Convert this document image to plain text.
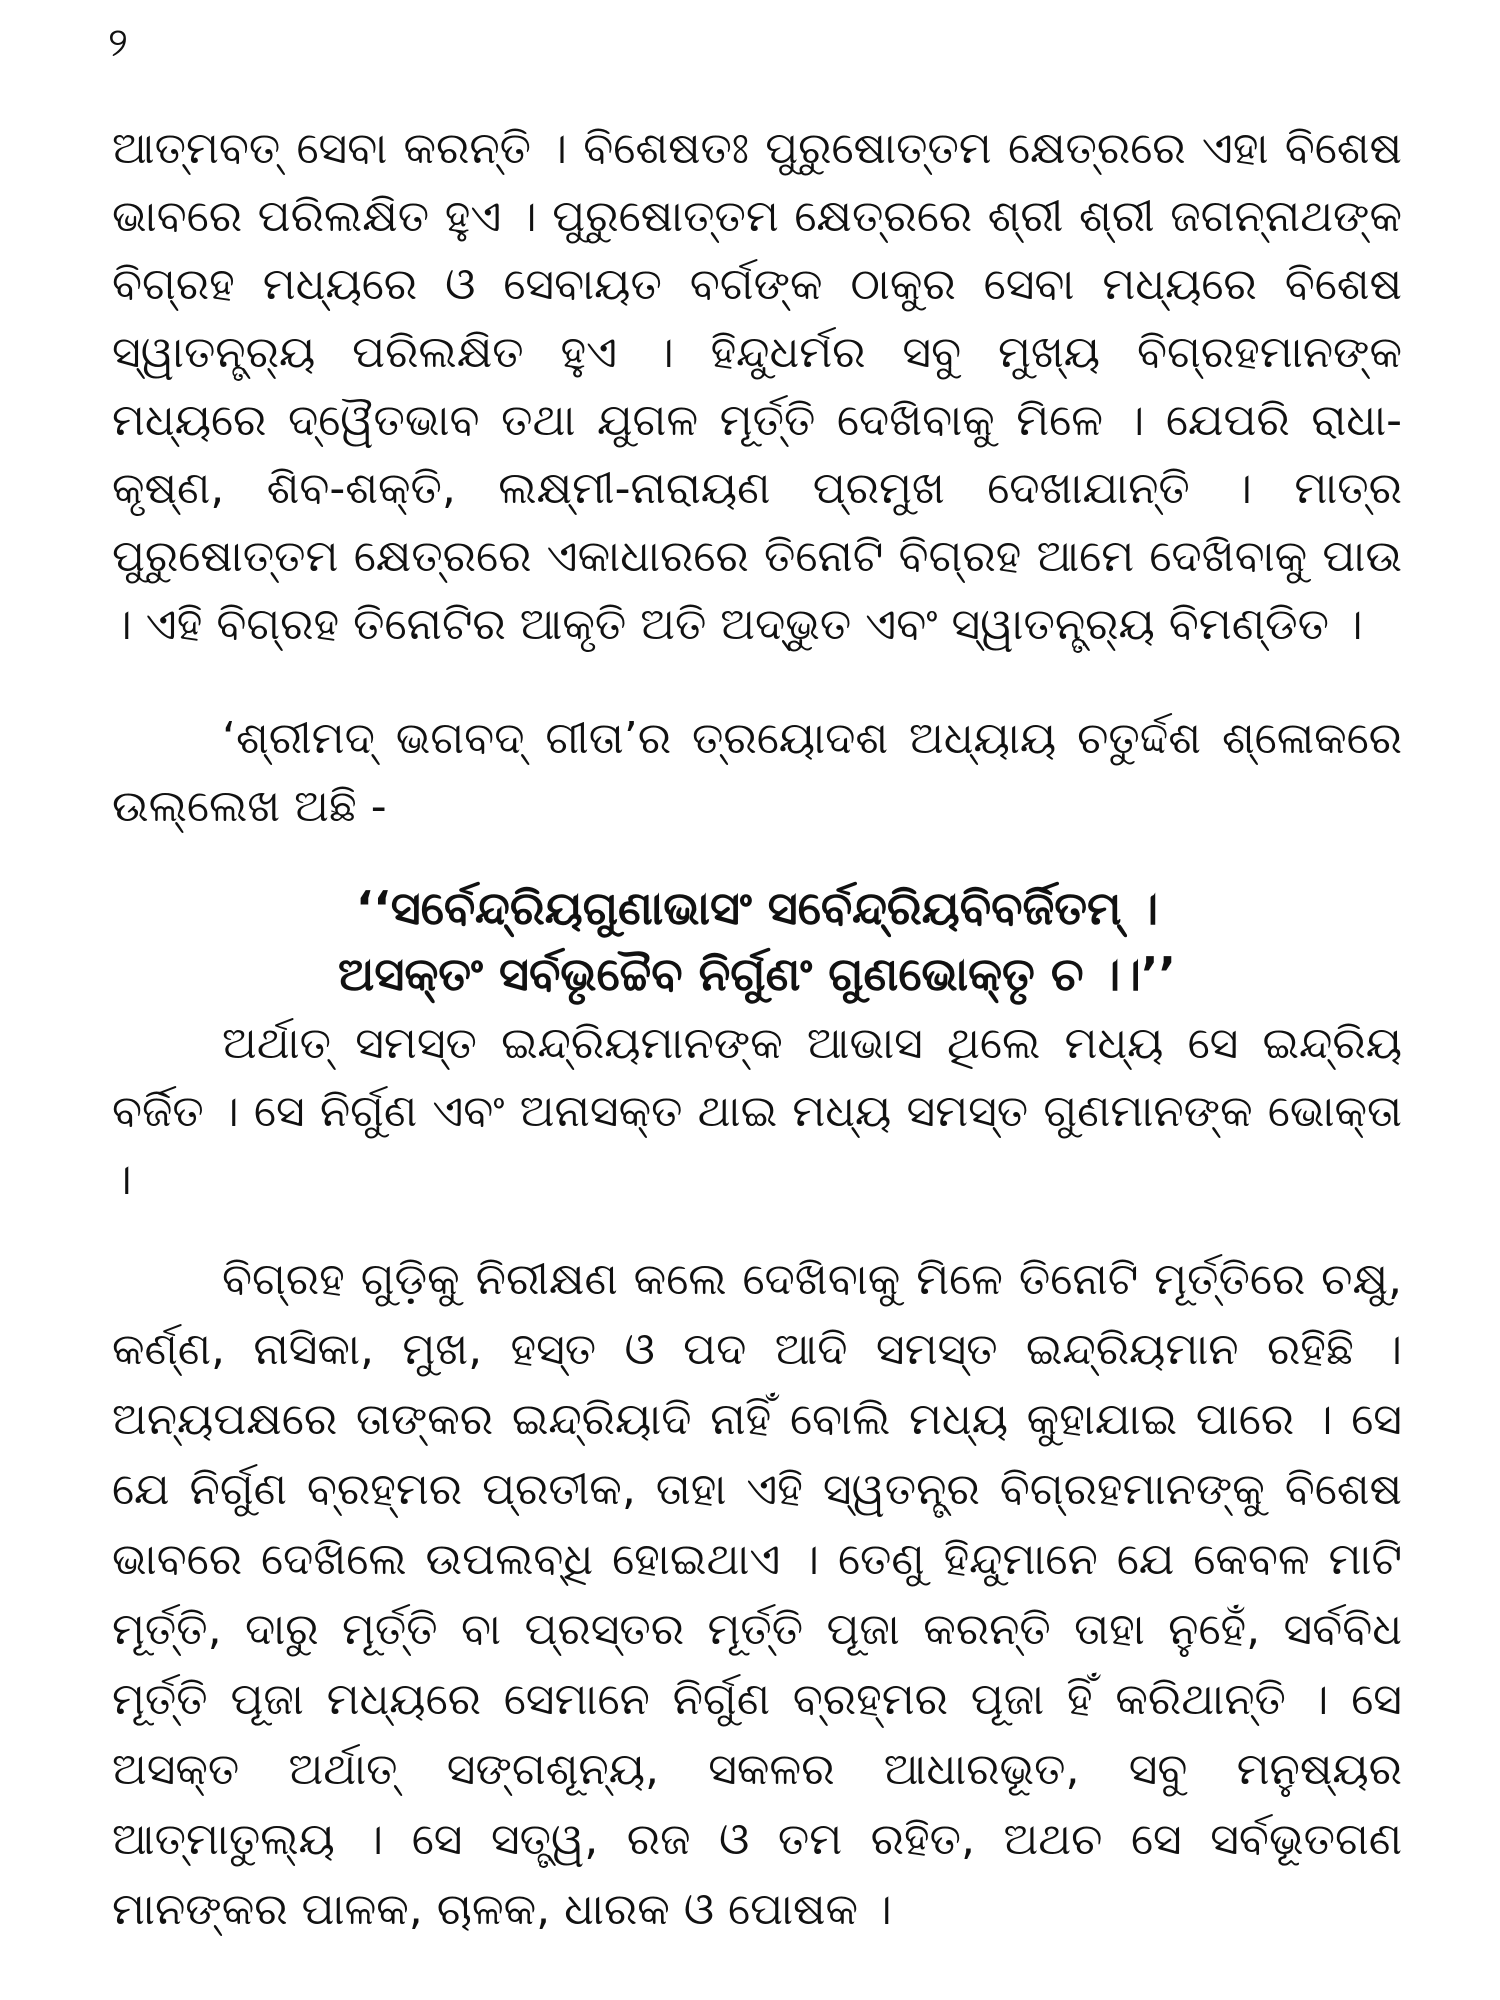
୨

ଆତ୍ମବତ୍ ସେବା କରନ୍ତି । ବିଶେଷତଃ ପୁରୁଷୋତ୍ତମ କ୍ଷେତ୍ରରେ ଏହା ବିଶେଷ ଭାବରେ ପରିଲକ୍ଷିତ ହୁଏ । ପୁରୁଷୋତ୍ତମ କ୍ଷେତ୍ରରେ ଶ୍ରୀ ଶ୍ରୀ ଜଗନ୍ନାଥଙ୍କ ବିଗ୍ରହ ମଧ୍ୟରେ ଓ ସେବାୟତ ବର୍ଗଙ୍କ ଠାକୁର ସେବା ମଧ୍ୟରେ ବିଶେଷ ସ୍ୱାତନ୍ତ୍ର୍ୟ ପରିଲକ୍ଷିତ ହୁଏ । ହିନ୍ଦୁଧର୍ମର ସବୁ ମୁଖ୍ୟ ବିଗ୍ରହମାନଙ୍କ ମଧ୍ୟରେ ଦ୍ୱୈତଭାବ ତଥା ଯୁଗଳ ମୂର୍ତ୍ତି ଦେଖିବାକୁ ମିଳେ । ଯେପରି ରାଧା-କୃଷ୍ଣ, ଶିବ-ଶକ୍ତି, ଲକ୍ଷ୍ମୀ-ନାରାୟଣ ପ୍ରମୁଖ ଦେଖାଯାନ୍ତି । ମାତ୍ର ପୁରୁଷୋତ୍ତମ କ୍ଷେତ୍ରରେ ଏକାଧାରରେ ତିନୋଟି ବିଗ୍ରହ ଆମେ ଦେଖିବାକୁ ପାଉ । ଏହି ବିଗ୍ରହ ତିନୋଟିର ଆକୃତି ଅତି ଅଦ୍ଭୁତ ଏବଂ ସ୍ୱାତନ୍ତ୍ର୍ୟ ବିମଣ୍ଡିତ ।

‘ଶ୍ରୀମଦ୍ ଭଗବଦ୍ ଗୀତା’ର ତ୍ରୟୋଦଶ ଅଧ୍ୟାୟ ଚତୁର୍ଦ୍ଦଶ ଶ୍ଳୋକରେ ଉଲ୍ଲେଖ ଅଛି -

‘‘ସର୍ବେନ୍ଦ୍ରିୟଗୁଣାଭାସଂ ସର୍ବେନ୍ଦ୍ରିୟବିବର୍ଜିତମ୍ ।
ଅସକ୍ତଂ ସର୍ବଭୃଚ୍ଚୈବ ନିର୍ଗୁଣଂ ଗୁଣଭୋକ୍ତୃ ଚ ।।’’

ଅର୍ଥାତ୍ ସମସ୍ତ ଇନ୍ଦ୍ରିୟମାନଙ୍କ ଆଭାସ ଥିଲେ ମଧ୍ୟ ସେ ଇନ୍ଦ୍ରିୟ ବର୍ଜିତ । ସେ ନିର୍ଗୁଣ ଏବଂ ଅନାସକ୍ତ ଥାଇ ମଧ୍ୟ ସମସ୍ତ ଗୁଣମାନଙ୍କ ଭୋକ୍ତା ।

ବିଗ୍ରହ ଗୁଡ଼ିକୁ ନିରୀକ୍ଷଣ କଲେ ଦେଖିବାକୁ ମିଳେ ତିନୋଟି ମୂର୍ତ୍ତିରେ ଚକ୍ଷୁ, କର୍ଣ୍ଣ, ନାସିକା, ମୁଖ, ହସ୍ତ ଓ ପଦ ଆଦି ସମସ୍ତ ଇନ୍ଦ୍ରିୟମାନ ରହିଛି । ଅନ୍ୟପକ୍ଷରେ ତାଙ୍କର ଇନ୍ଦ୍ରିୟାଦି ନାହିଁ ବୋଲି ମଧ୍ୟ କୁହାଯାଇ ପାରେ । ସେ ଯେ ନିର୍ଗୁଣ ବ୍ରହ୍ମର ପ୍ରତୀକ, ତାହା ଏହି ସ୍ୱତନ୍ତ୍ର ବିଗ୍ରହମାନଙ୍କୁ ବିଶେଷ ଭାବରେ ଦେଖିଲେ ଉପଲବ୍ଧି ହୋଇଥାଏ । ତେଣୁ ହିନ୍ଦୁମାନେ ଯେ କେବଳ ମାଟି ମୂର୍ତ୍ତି, ଦାରୁ ମୂର୍ତ୍ତି ବା ପ୍ରସ୍ତର ମୂର୍ତ୍ତି ପୂଜା କରନ୍ତି ତାହା ନୁହେଁ, ସର୍ବବିଧ ମୂର୍ତ୍ତି ପୂଜା ମଧ୍ୟରେ ସେମାନେ ନିର୍ଗୁଣ ବ୍ରହ୍ମର ପୂଜା ହିଁ କରିଥାନ୍ତି । ସେ ଅସକ୍ତ ଅର୍ଥାତ୍ ସଙ୍ଗଶୂନ୍ୟ, ସକଳର ଆଧାରଭୂତ, ସବୁ ମନୁଷ୍ୟର ଆତ୍ମାତୁଲ୍ୟ । ସେ ସତ୍ତ୍ୱ, ରଜ ଓ ତମ ରହିତ, ଅଥଚ ସେ ସର୍ବଭୂତଗଣ ମାନଙ୍କର ପାଳକ, ଚାଳକ, ଧାରକ ଓ ପୋଷକ ।
